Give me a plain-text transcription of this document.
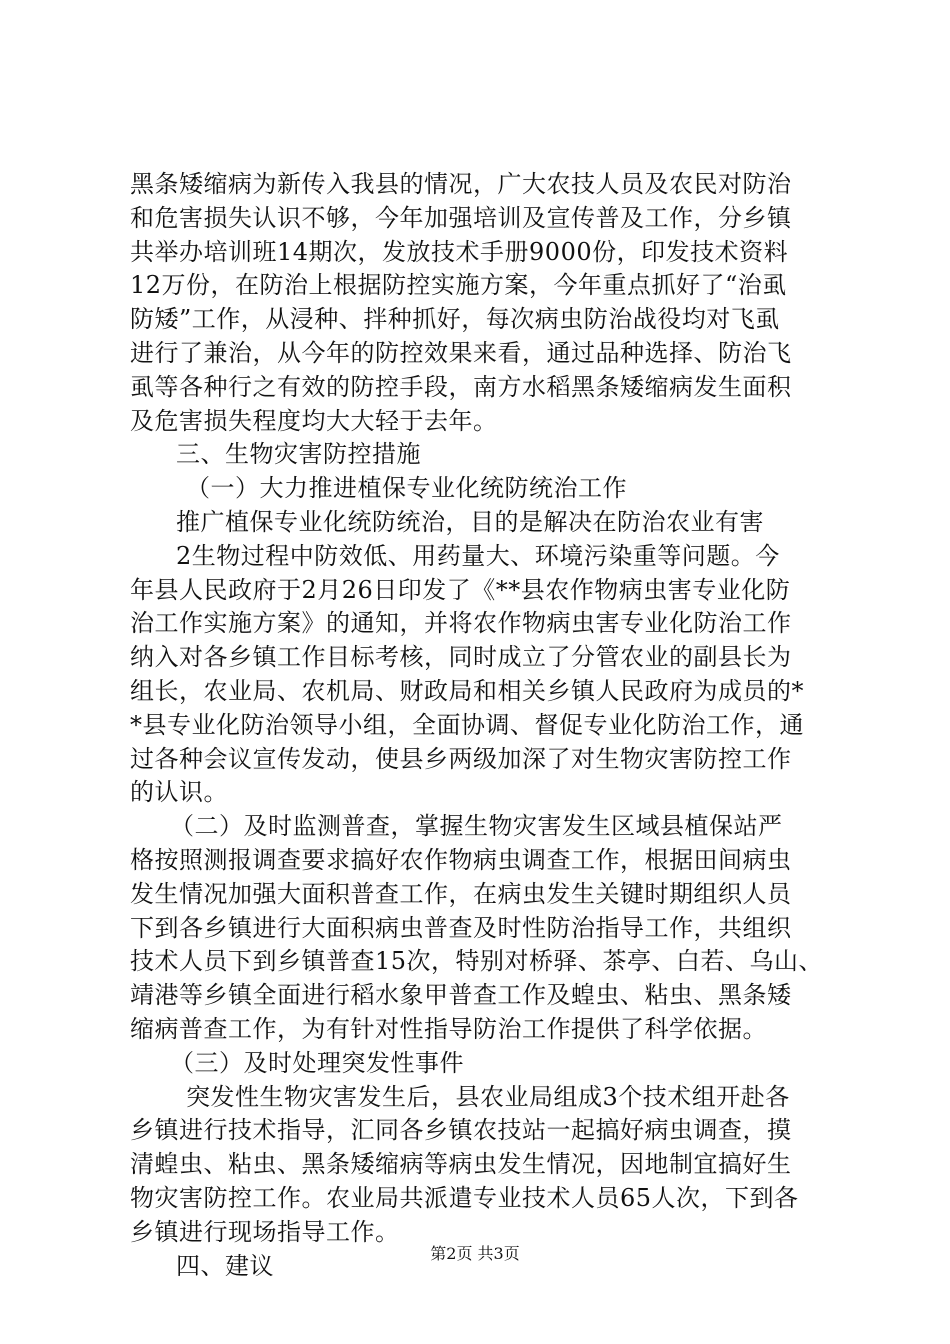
黑条矮缩病为新传入我县的情况，广大农技人员及农民对防治
和危害损失认识不够，今年加强培训及宣传普及工作，分乡镇
共举办培训班14期次，发放技术手册9000份，印发技术资料
12万份，在防治上根据防控实施方案，今年重点抓好了“治虱
防矮”工作，从浸种、拌种抓好，每次病虫防治战役均对飞虱
进行了兼治，从今年的防控效果来看，通过品种选择、防治飞
虱等各种行之有效的防控手段，南方水稻黑条矮缩病发生面积
及危害损失程度均大大轻于去年。
三、生物灾害防控措施
（一）大力推进植保专业化统防统治工作
推广植保专业化统防统治，目的是解决在防治农业有害
2生物过程中防效低、用药量大、环境污染重等问题。今
年县人民政府于2月26日印发了《**县农作物病虫害专业化防
治工作实施方案》的通知，并将农作物病虫害专业化防治工作
纳入对各乡镇工作目标考核，同时成立了分管农业的副县长为
组长，农业局、农机局、财政局和相关乡镇人民政府为成员的*
*县专业化防治领导小组，全面协调、督促专业化防治工作，通
过各种会议宣传发动，使县乡两级加深了对生物灾害防控工作
的认识。
（二）及时监测普查，掌握生物灾害发生区域县植保站严
格按照测报调查要求搞好农作物病虫调查工作，根据田间病虫
发生情况加强大面积普查工作，在病虫发生关键时期组织人员
下到各乡镇进行大面积病虫普查及时性防治指导工作，共组织
技术人员下到乡镇普查15次，特别对桥驿、茶亭、白若、乌山、
靖港等乡镇全面进行稻水象甲普查工作及蝗虫、粘虫、黑条矮
缩病普查工作，为有针对性指导防治工作提供了科学依据。
（三）及时处理突发性事件
突发性生物灾害发生后，县农业局组成3个技术组开赴各
乡镇进行技术指导，汇同各乡镇农技站一起搞好病虫调查，摸
清蝗虫、粘虫、黑条矮缩病等病虫发生情况，因地制宜搞好生
物灾害防控工作。农业局共派遣专业技术人员65人次，下到各
乡镇进行现场指导工作。
四、建议	第2页 共3页
